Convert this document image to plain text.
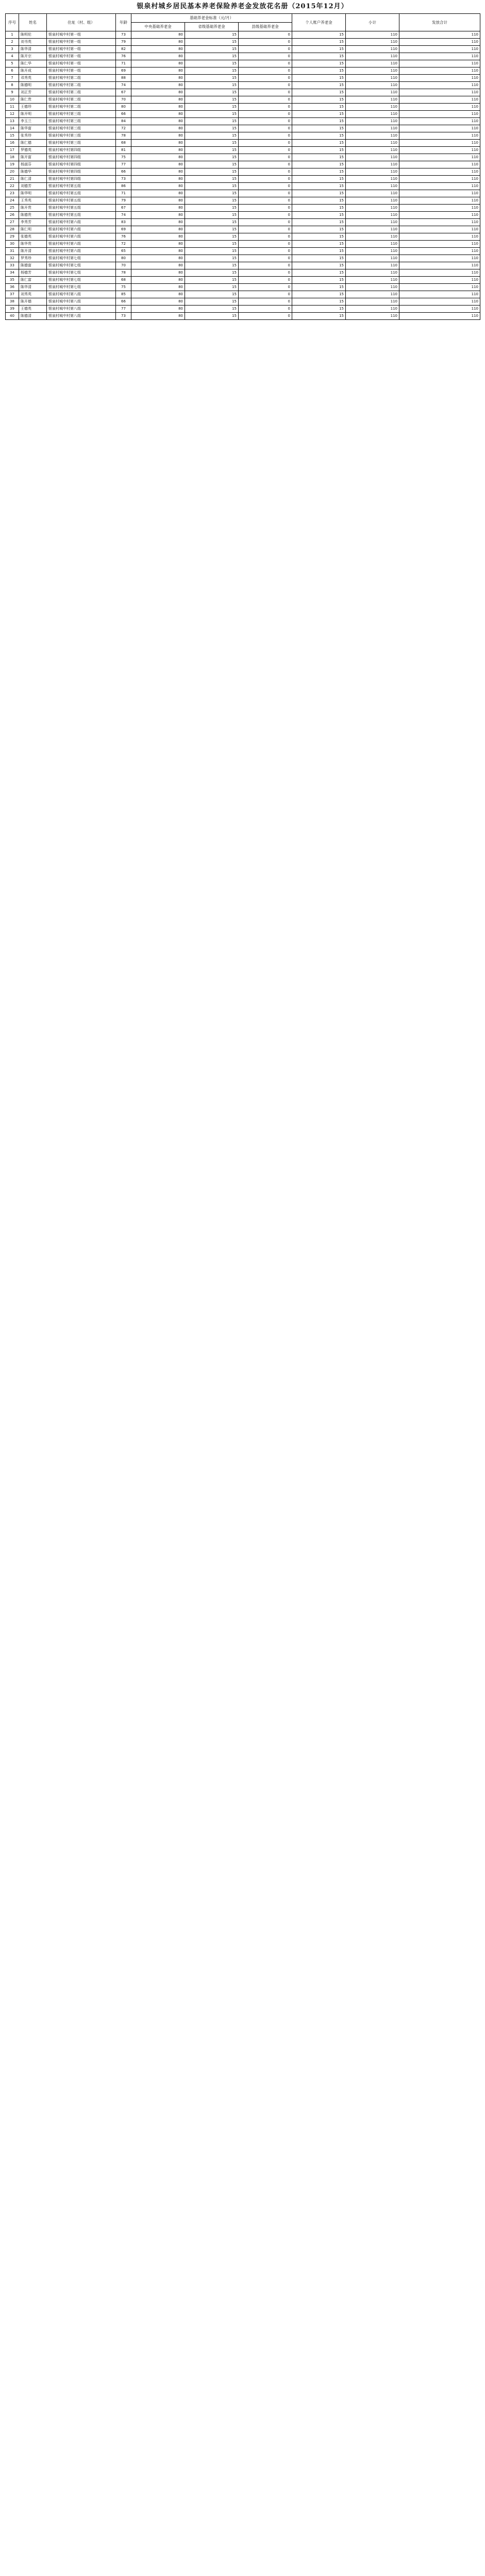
银泉村城乡居民基本养老保险养老金发放花名册（2015年12月）
序号	姓名	住址（村、组）	年龄	基础养老金标准（元/月）			个人账户养老金	小计	发放合计
				中央基础养老金	省级基础养老金	县级基础养老金			
1	陈明伦	银泉村城中村第一组	73	80	15	0	15	110	110
2	刘书英	银泉村城中村第一组	79	80	15	0	15	110	110
3	陈华清	银泉村城中村第一组	82	80	15	0	15	110	110
4	陈开宗	银泉村城中村第一组	76	80	15	0	15	110	110
5	陈仁华	银泉村城中村第一组	71	80	15	0	15	110	110
6	陈开成	银泉村城中村第一组	69	80	15	0	15	110	110
7	邓秀英	银泉村城中村第二组	88	80	15	0	15	110	110
8	陈德明	银泉村城中村第二组	74	80	15	0	15	110	110
9	刘正芳	银泉村城中村第二组	67	80	15	0	15	110	110
10	陈仁贵	银泉村城中村第二组	70	80	15	0	15	110	110
11	王德珍	银泉村城中村第二组	80	80	15	0	15	110	110
12	陈开明	银泉村城中村第三组	66	80	15	0	15	110	110
13	李玉兰	银泉村城中村第三组	84	80	15	0	15	110	110
14	陈华富	银泉村城中村第三组	72	80	15	0	15	110	110
15	张秀珍	银泉村城中村第三组	78	80	15	0	15	110	110
16	陈仁德	银泉村城中村第三组	68	80	15	0	15	110	110
17	罗德英	银泉村城中村第四组	81	80	15	0	15	110	110
18	陈开富	银泉村城中村第四组	75	80	15	0	15	110	110
19	杨淑芬	银泉村城中村第四组	77	80	15	0	15	110	110
20	陈德华	银泉村城中村第四组	66	80	15	0	15	110	110
21	陈仁清	银泉村城中村第四组	73	80	15	0	15	110	110
22	刘德芳	银泉村城中村第五组	86	80	15	0	15	110	110
23	陈华明	银泉村城中村第五组	71	80	15	0	15	110	110
24	王秀英	银泉村城中村第五组	79	80	15	0	15	110	110
25	陈开贵	银泉村城中村第五组	67	80	15	0	15	110	110
26	陈德贵	银泉村城中村第五组	74	80	15	0	15	110	110
27	李秀芳	银泉村城中村第六组	83	80	15	0	15	110	110
28	陈仁明	银泉村城中村第六组	69	80	15	0	15	110	110
29	张德英	银泉村城中村第六组	76	80	15	0	15	110	110
30	陈华贵	银泉村城中村第六组	72	80	15	0	15	110	110
31	陈开清	银泉村城中村第六组	65	80	15	0	15	110	110
32	罗秀珍	银泉村城中村第七组	80	80	15	0	15	110	110
33	陈德富	银泉村城中村第七组	70	80	15	0	15	110	110
34	杨德芳	银泉村城中村第七组	78	80	15	0	15	110	110
35	陈仁富	银泉村城中村第七组	68	80	15	0	15	110	110
36	陈华清	银泉村城中村第七组	75	80	15	0	15	110	110
37	刘秀英	银泉村城中村第八组	85	80	15	0	15	110	110
38	陈开德	银泉村城中村第八组	66	80	15	0	15	110	110
39	王德英	银泉村城中村第八组	77	80	15	0	15	110	110
40	陈德清	银泉村城中村第八组	73	80	15	0	15	110	110
